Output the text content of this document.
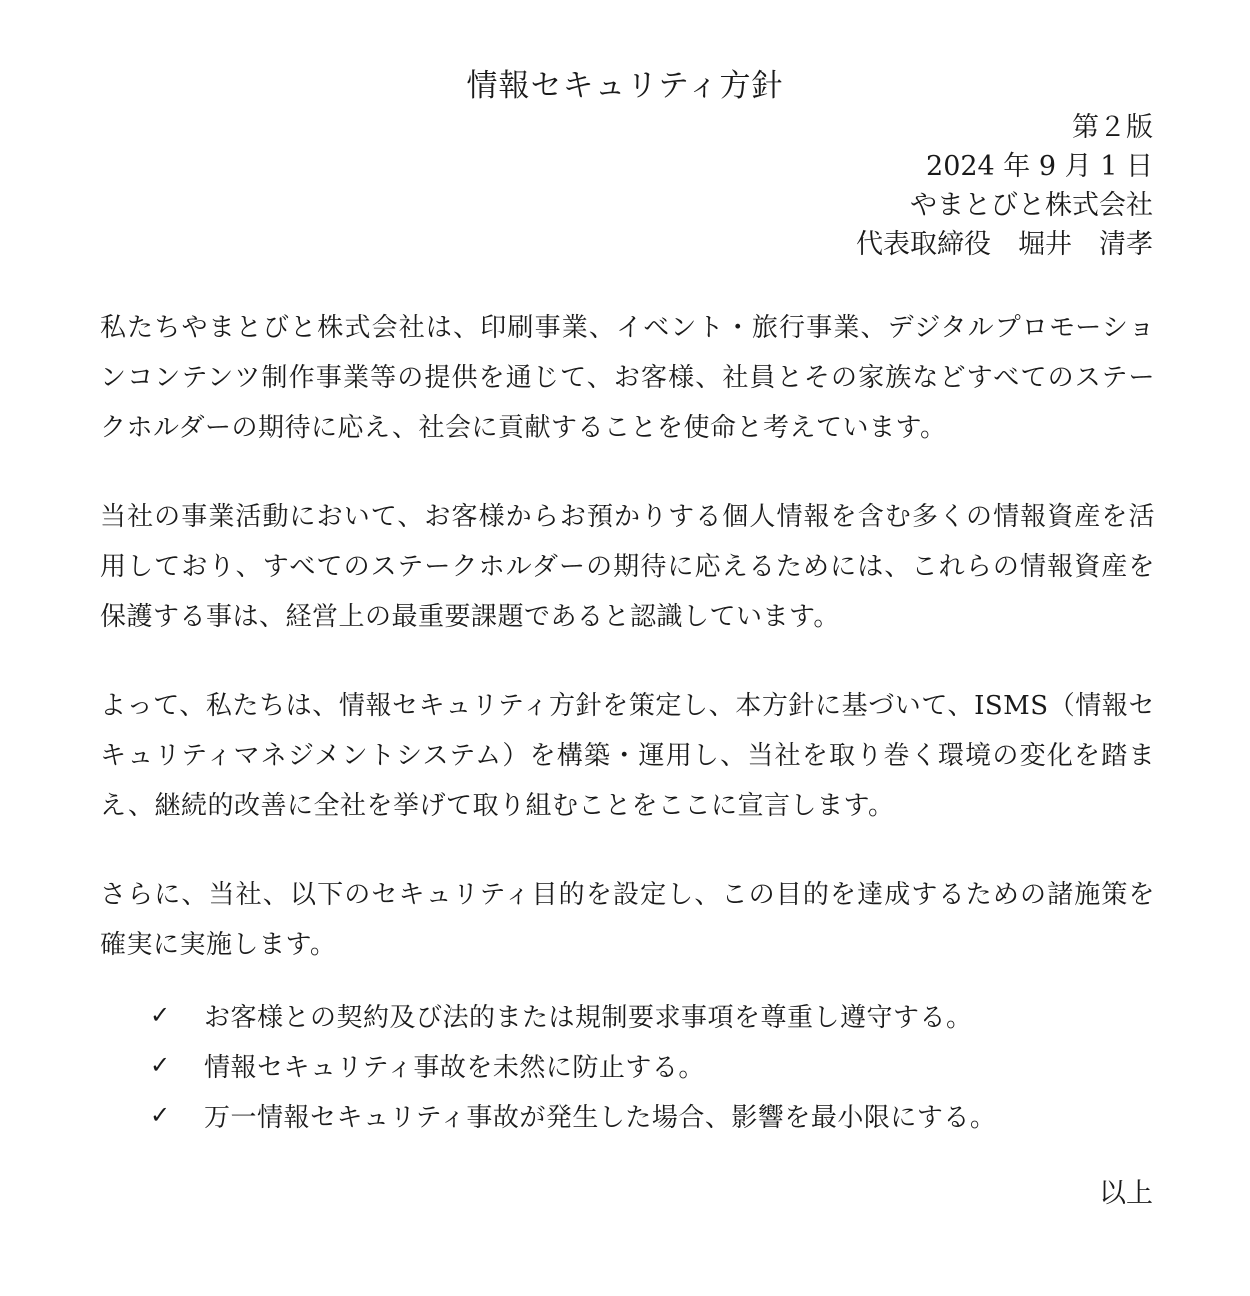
情報セキュリティ方針
第２版
2024 年 9 月 1 日
やまとびと株式会社
代表取締役　堀井　清孝

私たちやまとびと株式会社は、印刷事業、イベント・旅行事業、デジタルプロモーションコンテンツ制作事業等の提供を通じて、お客様、社員とその家族などすべてのステークホルダーの期待に応え、社会に貢献することを使命と考えています。

当社の事業活動において、お客様からお預かりする個人情報を含む多くの情報資産を活用しており、すべてのステークホルダーの期待に応えるためには、これらの情報資産を保護する事は、経営上の最重要課題であると認識しています。

よって、私たちは、情報セキュリティ方針を策定し、本方針に基づいて、ISMS（情報セキュリティマネジメントシステム）を構築・運用し、当社を取り巻く環境の変化を踏まえ、継続的改善に全社を挙げて取り組むことをここに宣言します。

さらに、当社、以下のセキュリティ目的を設定し、この目的を達成するための諸施策を確実に実施します。

✓	お客様との契約及び法的または規制要求事項を尊重し遵守する。
✓	情報セキュリティ事故を未然に防止する。
✓	万一情報セキュリティ事故が発生した場合、影響を最小限にする。
以上
